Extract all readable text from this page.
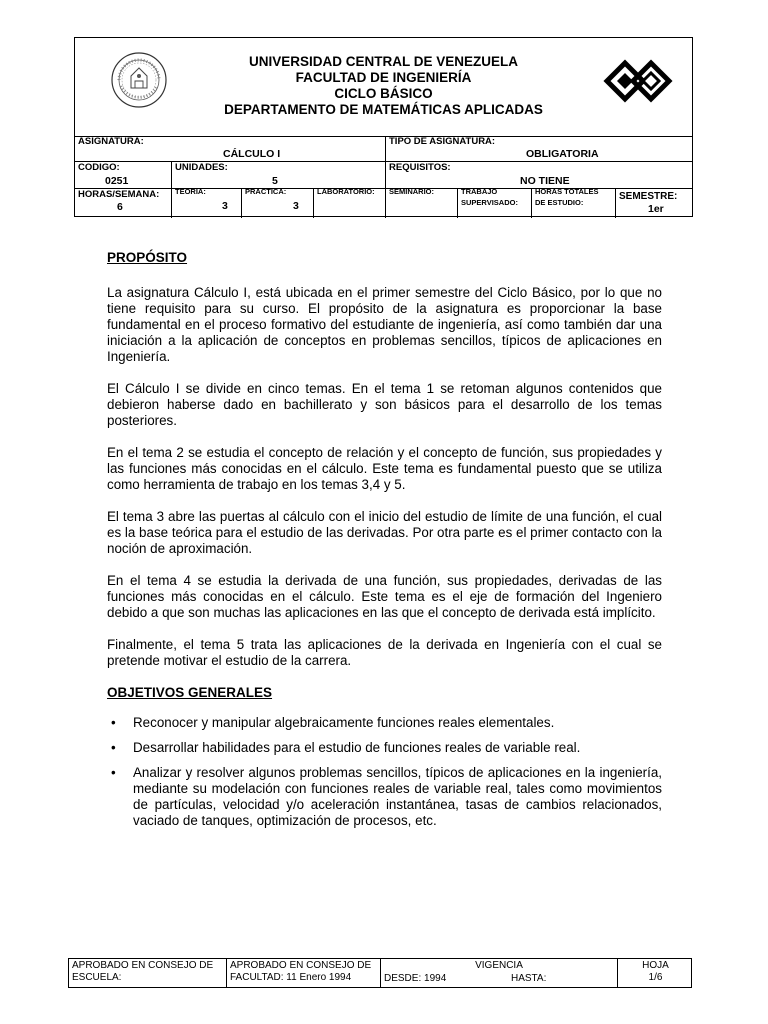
UNIVERSIDAD CENTRAL DE VENEZUELA
FACULTAD DE INGENIERÍA
CICLO BÁSICO
DEPARTAMENTO DE MATEMÁTICAS APLICADAS
ASIGNATURA:
CÁLCULO I
TIPO DE ASIGNATURA:
OBLIGATORIA
CODIGO:
0251
UNIDADES:
5
REQUISITOS:
NO TIENE
HORAS/SEMANA:
6
TEORIA:
3
PRACTICA:
3
LABORATORIO: SEMINARIO:	TRABAJO
SUPERVISADO:
HORAS TOTALES
DE ESTUDIO:
SEMESTRE:
1er
PROPÓSITO

La asignatura Cálculo I, está ubicada en el primer semestre del Ciclo Básico, por lo que no tiene requisito para su curso. El propósito de la asignatura es proporcionar la base fundamental en el proceso formativo del estudiante de ingeniería, así como también dar una iniciación a la aplicación de conceptos en problemas sencillos, típicos de aplicaciones en Ingeniería.

El Cálculo I se divide en cinco temas. En el tema 1 se retoman algunos contenidos que debieron haberse dado en bachillerato y son básicos para el desarrollo de los temas posteriores.

En el tema 2 se estudia el concepto de relación y el concepto de función, sus propiedades y las funciones más conocidas en el cálculo. Este tema es fundamental puesto que se utiliza como herramienta de trabajo en los temas 3,4 y 5.

El tema 3 abre las puertas al cálculo con el inicio del estudio de límite de una función, el cual es la base teórica para el estudio de las derivadas. Por otra parte es el primer contacto con la noción de aproximación.

En el tema 4 se estudia la derivada de una función, sus propiedades, derivadas de las funciones más conocidas en el cálculo. Este tema es el eje de formación del Ingeniero debido a que son muchas las aplicaciones en las que el concepto de derivada está implícito.

Finalmente, el tema 5 trata las aplicaciones de la derivada en Ingeniería con el cual se pretende motivar el estudio de la carrera.

OBJETIVOS GENERALES
• Reconocer y manipular algebraicamente funciones reales elementales.
• Desarrollar habilidades para el estudio de funciones reales de variable real.
• Analizar y resolver algunos problemas sencillos, típicos de aplicaciones en la ingeniería, mediante su modelación con funciones reales de variable real, tales como movimientos de partículas, velocidad y/o aceleración instantánea, tasas de cambios relacionados, vaciado de tanques, optimización de procesos, etc.
APROBADO EN CONSEJO DE
ESCUELA:
APROBADO EN CONSEJO DE
FACULTAD: 11 Enero 1994
VIGENCIA
DESDE: 1994	HASTA:
HOJA
1/6
